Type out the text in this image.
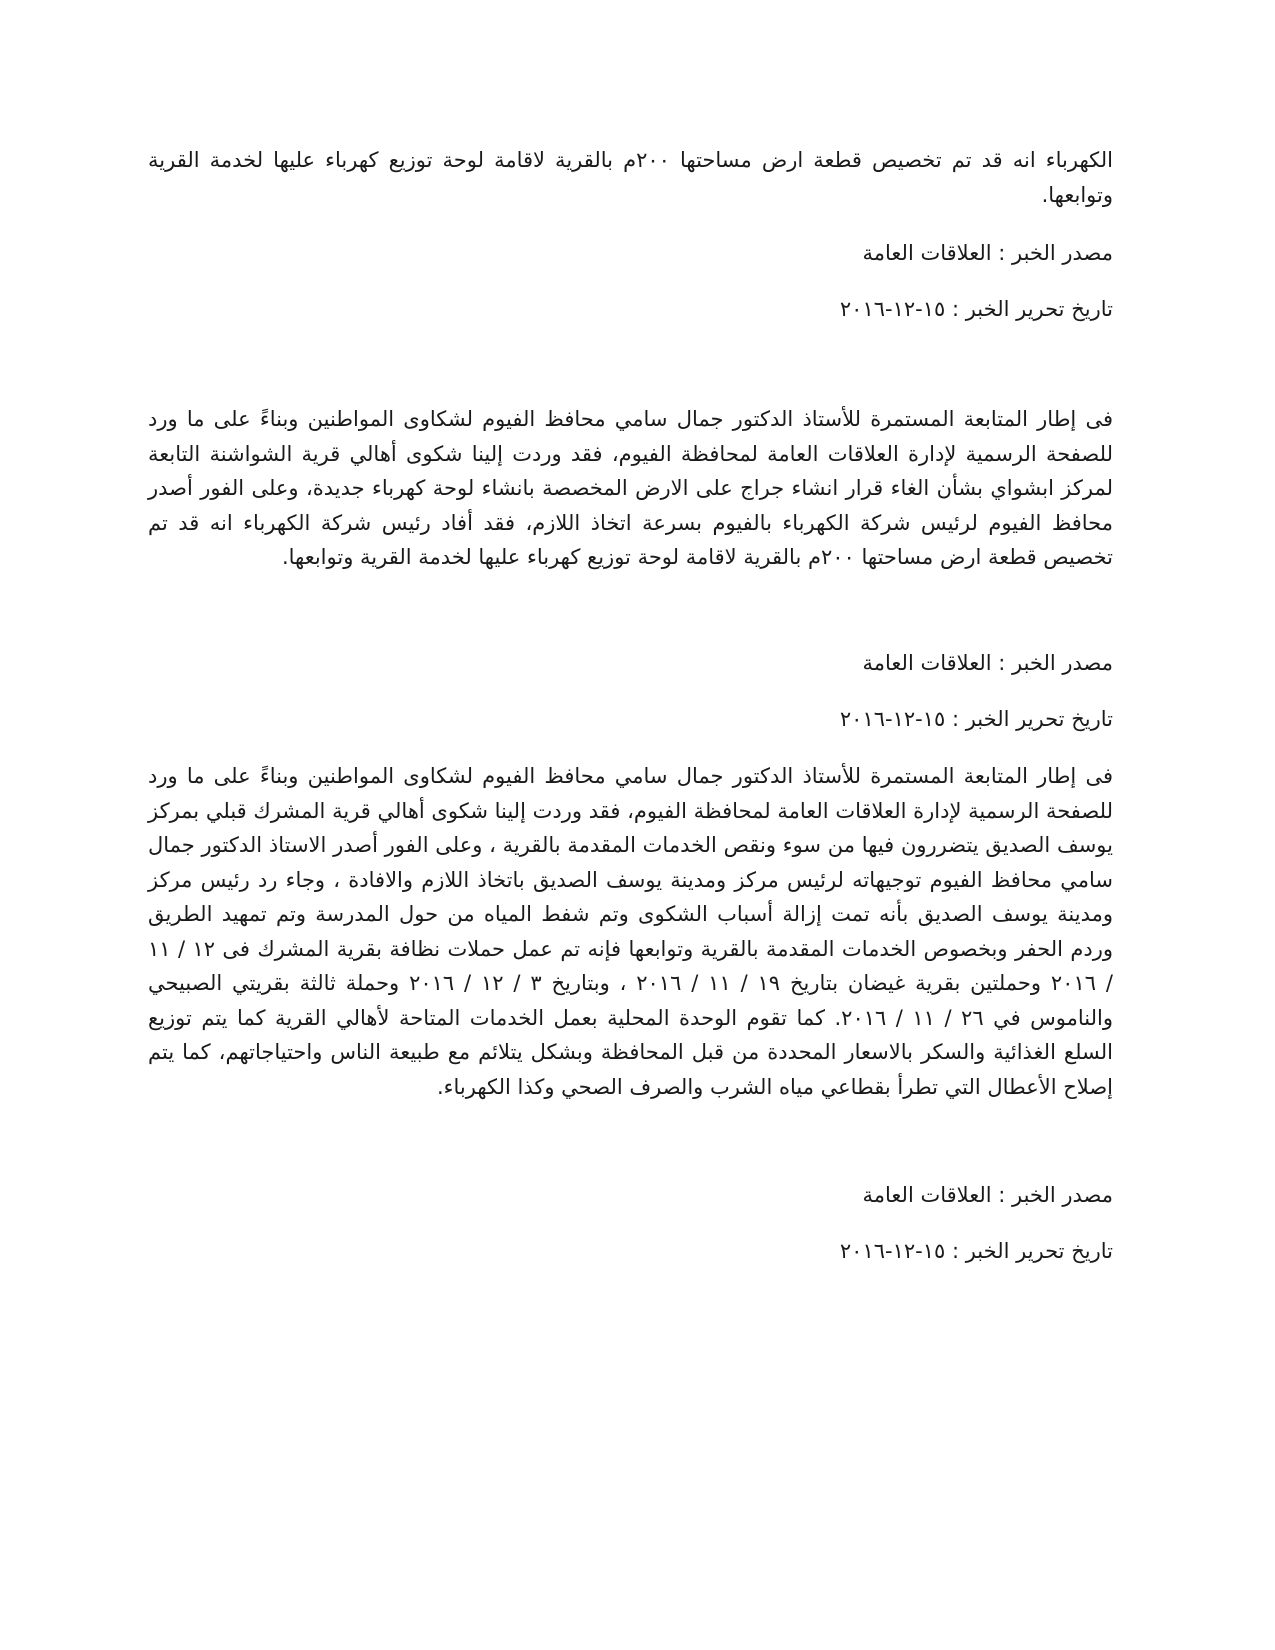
الكهرباء انه قد تم تخصيص قطعة ارض مساحتها ٢٠٠م بالقرية لاقامة لوحة توزيع كهرباء عليها لخدمة القرية وتوابعها.

مصدر الخبر : العلاقات العامة

تاريخ تحرير الخبر : ١٥-١٢-٢٠١٦

فى إطار المتابعة المستمرة للأستاذ الدكتور جمال سامي محافظ الفيوم لشكاوى المواطنين وبناءً على ما ورد للصفحة الرسمية لإدارة العلاقات العامة لمحافظة الفيوم، فقد وردت إلينا شكوى أهالي قرية الشواشنة التابعة لمركز ابشواي بشأن الغاء قرار انشاء جراج على الارض المخصصة بانشاء لوحة كهرباء جديدة، وعلى الفور أصدر محافظ الفيوم لرئيس شركة الكهرباء بالفيوم بسرعة اتخاذ اللازم، فقد أفاد رئيس شركة الكهرباء انه قد تم تخصيص قطعة ارض مساحتها ٢٠٠م بالقرية لاقامة لوحة توزيع كهرباء عليها لخدمة القرية وتوابعها.

مصدر الخبر : العلاقات العامة

تاريخ تحرير الخبر : ١٥-١٢-٢٠١٦

فى إطار المتابعة المستمرة للأستاذ الدكتور جمال سامي محافظ الفيوم لشكاوى المواطنين وبناءً على ما ورد للصفحة الرسمية لإدارة العلاقات العامة لمحافظة الفيوم، فقد وردت إلينا شكوى أهالي قرية المشرك قبلي بمركز يوسف الصديق يتضررون فيها من سوء ونقص الخدمات المقدمة بالقرية ، وعلى الفور أصدر الاستاذ الدكتور جمال سامي محافظ الفيوم توجيهاته لرئيس مركز ومدينة يوسف الصديق باتخاذ اللازم والافادة ، وجاء رد رئيس مركز ومدينة يوسف الصديق بأنه تمت إزالة أسباب الشكوى وتم شفط المياه من حول المدرسة وتم تمهيد الطريق وردم الحفر وبخصوص الخدمات المقدمة بالقرية وتوابعها فإنه تم عمل حملات نظافة بقرية المشرك فى ١٢ / ١١ / ٢٠١٦ وحملتين بقرية غيضان بتاريخ ١٩ / ١١ / ٢٠١٦ ، وبتاريخ ٣ / ١٢ / ٢٠١٦ وحملة ثالثة بقريتي الصبيحي والناموس في ٢٦ / ١١ / ٢٠١٦. كما تقوم الوحدة المحلية بعمل الخدمات المتاحة لأهالي القرية كما يتم توزيع السلع الغذائية والسكر بالاسعار المحددة من قبل المحافظة وبشكل يتلائم مع طبيعة الناس واحتياجاتهم، كما يتم إصلاح الأعطال التي تطرأ بقطاعي مياه الشرب والصرف الصحي وكذا الكهرباء.

مصدر الخبر : العلاقات العامة

تاريخ تحرير الخبر : ١٥-١٢-٢٠١٦
